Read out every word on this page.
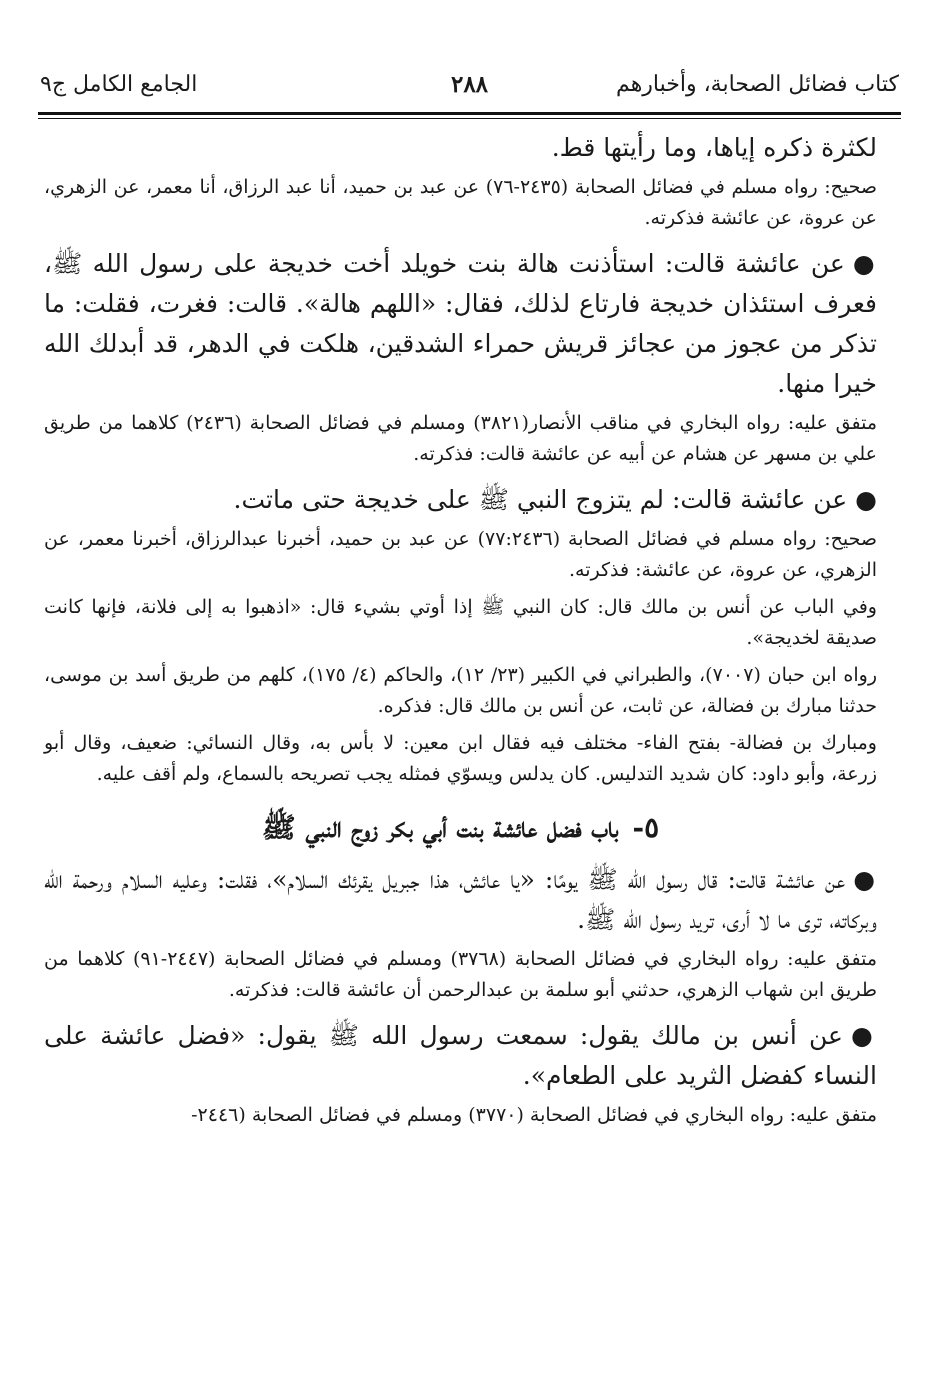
كتاب فضائل الصحابة، وأخبارهم
٢٨٨
الجامع الكامل ج٩

لكثرة ذكره إياها، وما رأيتها قط.

صحيح: رواه مسلم في فضائل الصحابة (٢٤٣٥-٧٦) عن عبد بن حميد، أنا عبد الرزاق، أنا معمر، عن الزهري، عن عروة، عن عائشة فذكرته.

●عن عائشة قالت: استأذنت هالة بنت خويلد أخت خديجة على رسول الله ﷺ، فعرف استئذان خديجة فارتاع لذلك، فقال: «اللهم هالة». قالت: فغرت، فقلت: ما تذكر من عجوز من عجائز قريش حمراء الشدقين، هلكت في الدهر، قد أبدلك الله خيرا منها.

متفق عليه: رواه البخاري في مناقب الأنصار(٣٨٢١) ومسلم في فضائل الصحابة (٢٤٣٦) كلاهما من طريق علي بن مسهر عن هشام عن أبيه عن عائشة قالت: فذكرته.

●عن عائشة قالت: لم يتزوج النبي ﷺ على خديجة حتى ماتت.

صحيح: رواه مسلم في فضائل الصحابة (٧٧:٢٤٣٦) عن عبد بن حميد، أخبرنا عبدالرزاق، أخبرنا معمر، عن الزهري، عن عروة، عن عائشة: فذكرته.

وفي الباب عن أنس بن مالك قال: كان النبي ﷺ إذا أوتي بشيء قال: «اذهبوا به إلى فلانة، فإنها كانت صديقة لخديجة».

رواه ابن حبان (٧٠٠٧)، والطبراني في الكبير (٢٣/ ١٢)، والحاكم (٤/ ١٧٥)، كلهم من طريق أسد بن موسى، حدثنا مبارك بن فضالة، عن ثابت، عن أنس بن مالك قال: فذكره.

ومبارك بن فضالة- بفتح الفاء- مختلف فيه فقال ابن معين: لا بأس به، وقال النسائي: ضعيف، وقال أبو زرعة، وأبو داود: كان شديد التدليس. كان يدلس ويسوّي فمثله يجب تصريحه بالسماع، ولم أقف عليه.

٥-باب فضل عائشة بنت أبي بكر زوج النبي ﷺ

●عن عائشة قالت: قال رسول الله ﷺ يومًا: «يا عائش، هذا جبريل يقرئك السلام»، فقلت: وعليه السلام ورحمة الله وبركاته، ترى ما لا أرى، تريد رسول الله ﷺ.

متفق عليه: رواه البخاري في فضائل الصحابة (٣٧٦٨) ومسلم في فضائل الصحابة (٢٤٤٧-٩١) كلاهما من طريق ابن شهاب الزهري، حدثني أبو سلمة بن عبدالرحمن أن عائشة قالت: فذكرته.

●عن أنس بن مالك يقول: سمعت رسول الله ﷺ يقول: «فضل عائشة على النساء كفضل الثريد على الطعام».

متفق عليه: رواه البخاري في فضائل الصحابة (٣٧٧٠) ومسلم في فضائل الصحابة (٢٤٤٦-
